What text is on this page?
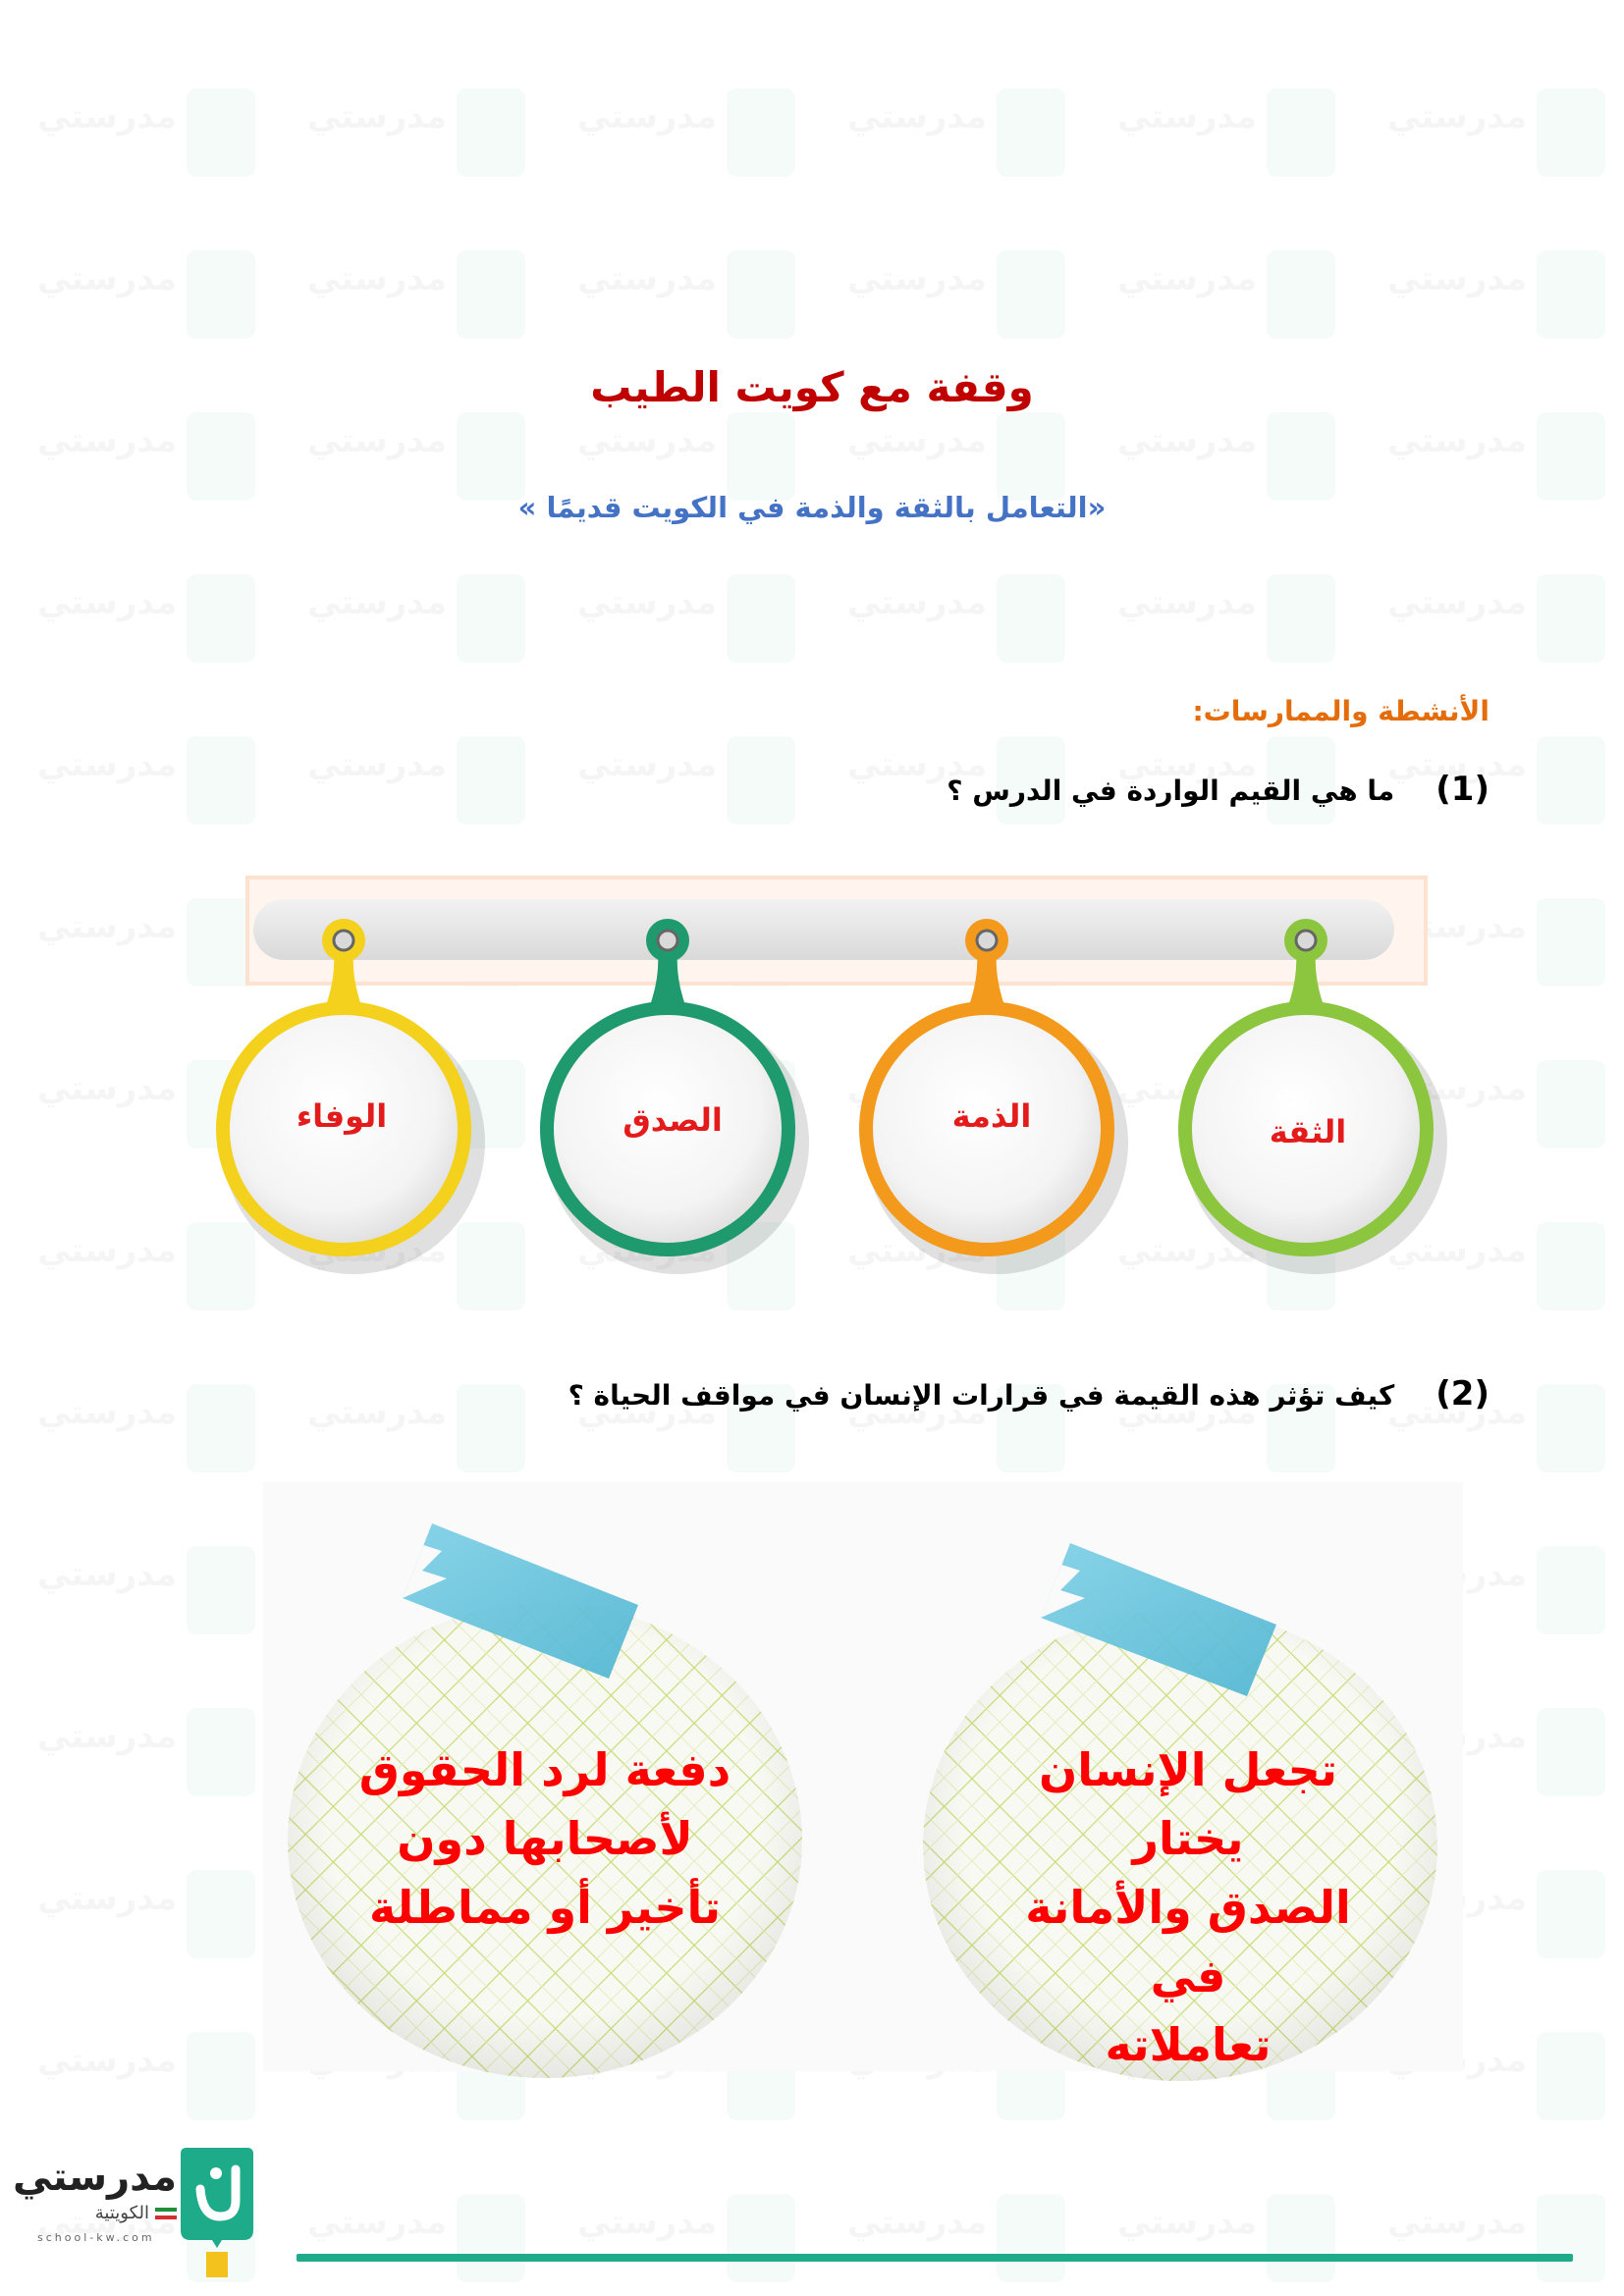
وقفة مع كويت الطيب
«التعامل بالثقة والذمة في الكويت قديمًا »
الأنشطة والممارسات:
(1)ما هي القيم الواردة في الدرس ؟
الثقة
الذمة
الصدق
الوفاء
(2)كيف تؤثر هذه القيمة في قرارات الإنسان في مواقف الحياة ؟
تجعل الإنسان يختار
الصدق والأمانة في
تعاملاته
دفعة لرد الحقوق
لأصحابها دون
تأخير أو مماطلة
مدرستي
الكويتية
school-kw.com
